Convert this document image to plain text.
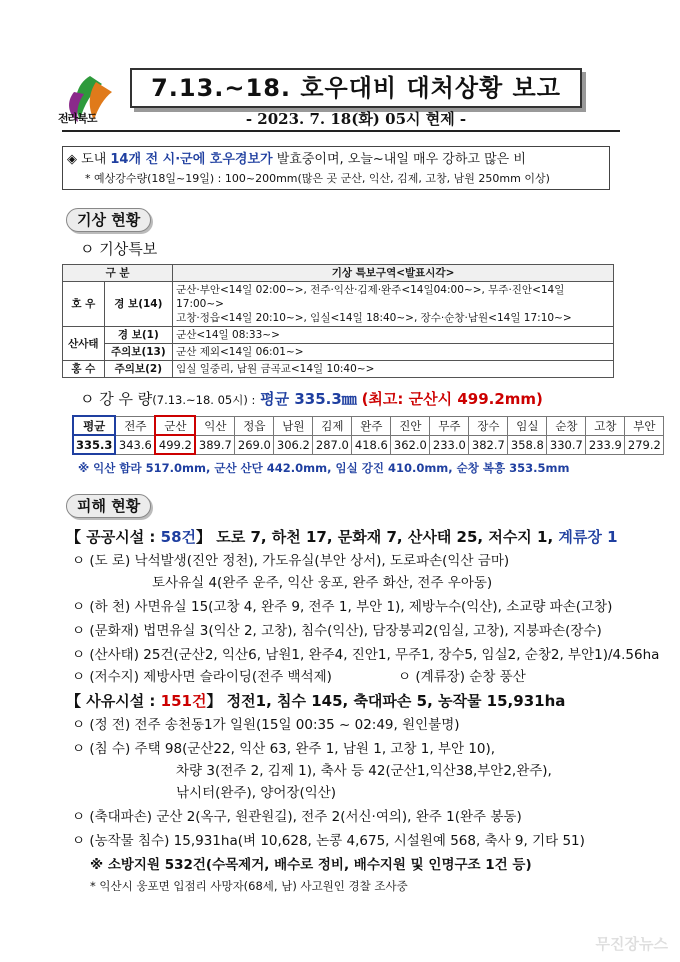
전라북도
7.13.~18. 호우대비 대처상황 보고
- 2023. 7. 18(화) 05시 현제 -
◈ 도내 14개 전 시·군에 호우경보가 발효중이며, 오늘~내일 매우 강하고 많은 비
* 예상강수량(18일~19일) : 100~200mm(많은 곳 군산, 익산, 김제, 고창, 남원 250mm 이상)
기상 현황
ㅇ 기상특보
구 분		기상 특보구역<발표시각>
호 우	경 보(14)	군산·부안<14일 02:00~>, 전주·익산·김제·완주<14일04:00~>, 무주·진안<14일 17:00~>
고창·정읍<14일 20:10~>, 임실<14일 18:40~>, 장수·순창·남원<14일 17:10~>

산사태	경 보(1)	군산<14일 08:33~>
	주의보(13)	군산 제외<14일 06:01~>
홍 수	주의보(2)	임실 일중리, 남원 금곡교<14일 10:40~>
ㅇ 강 우 량(7.13.~18. 05시) : 평균 335.3㎜ (최고: 군산시 499.2mm)
평균	전주	군산	익산	정읍	남원	김제	완주	진안	무주	장수	임실	순창	고창	부안
335.3	343.6	499.2	389.7	269.0	306.2	287.0	418.6	362.0	233.0	382.7	358.8	330.7	233.9	279.2
※ 익산 함라 517.0mm, 군산 산단 442.0mm, 임실 강진 410.0mm, 순창 복흥 353.5mm
피해 현황
【 공공시설 : 58건】 도로 7, 하천 17, 문화재 7, 산사태 25, 저수지 1, 계류장 1
ㅇ (도 로) 낙석발생(진안 정천), 가도유실(부안 상서), 도로파손(익산 금마)
토사유실 4(완주 운주, 익산 웅포, 완주 화산, 전주 우아동)
ㅇ (하 천) 사면유실 15(고창 4, 완주 9, 전주 1, 부안 1), 제방누수(익산), 소교량 파손(고창)
ㅇ (문화재) 법면유실 3(익산 2, 고창), 침수(익산), 담장붕괴2(임실, 고창), 지붕파손(장수)
ㅇ (산사태) 25건(군산2, 익산6, 남원1, 완주4, 진안1, 무주1, 장수5, 임실2, 순창2, 부안1)/4.56ha
ㅇ (저수지) 제방사면 슬라이딩(전주 백석제)	ㅇ (계류장) 순창 풍산
【 사유시설 : 151건】 정전1, 침수 145, 축대파손 5, 농작물 15,931ha
ㅇ (정 전) 전주 송천동1가 일원(15일 00:35 ~ 02:49, 원인불명)
ㅇ (침 수) 주택 98(군산22, 익산 63, 완주 1, 남원 1, 고창 1, 부안 10),
차량 3(전주 2, 김제 1), 축사 등 42(군산1,익산38,부안2,완주),
낚시터(완주), 양어장(익산)
ㅇ (축대파손) 군산 2(옥구, 원관원길), 전주 2(서신·여의), 완주 1(완주 봉동)
ㅇ (농작물 침수) 15,931ha(벼 10,628, 논콩 4,675, 시설원예 568, 축사 9, 기타 51)
※ 소방지원 532건(수목제거, 배수로 정비, 배수지원 및 인명구조 1건 등)
* 익산시 웅포면 입점리 사망자(68세, 남) 사고원인 경찰 조사중
무진장뉴스
